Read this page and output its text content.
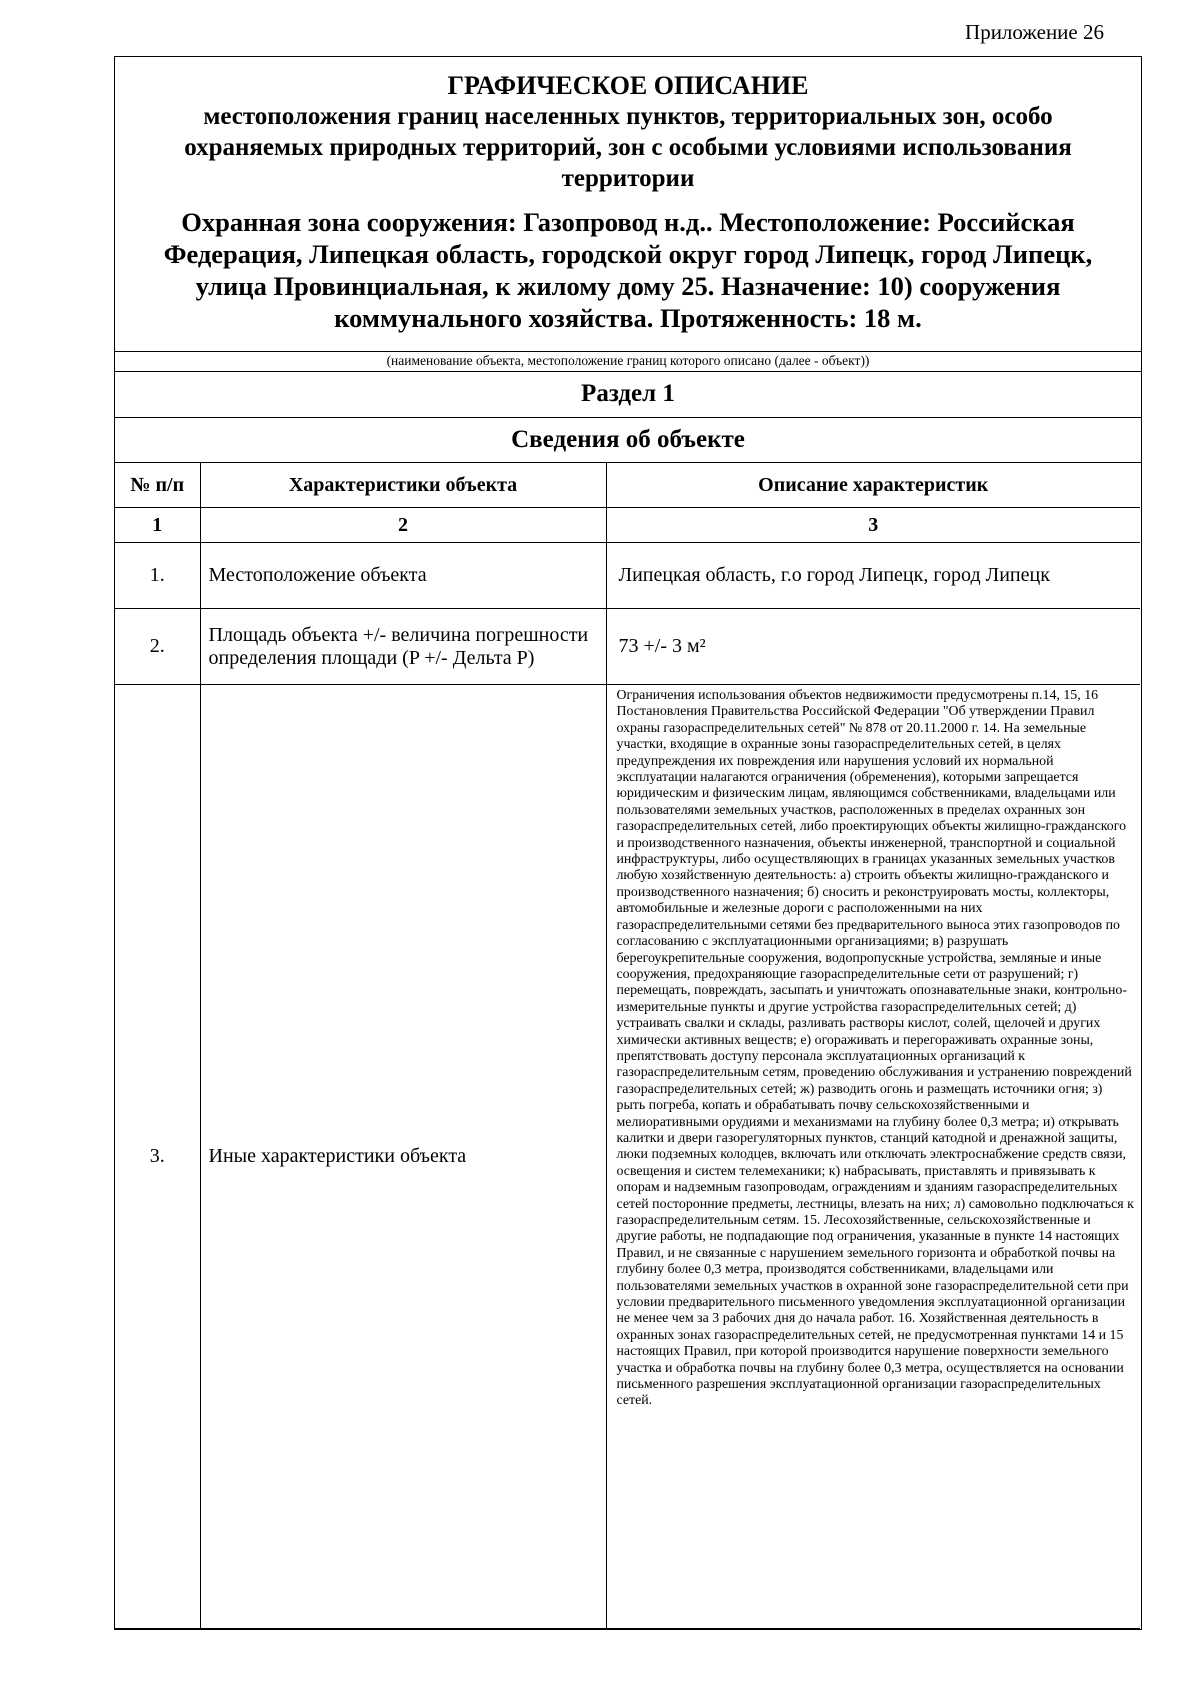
Приложение 26
ГРАФИЧЕСКОЕ ОПИСАНИЕ
местоположения границ населенных пунктов, территориальных зон, особо охраняемых природных территорий, зон с особыми условиями использования территории
Охранная зона сооружения: Газопровод н.д.. Местоположение: Российская Федерация, Липецкая область, городской округ город Липецк, город Липецк, улица Провинциальная, к жилому дому 25. Назначение: 10) сооружения коммунального хозяйства. Протяженность: 18 м.
(наименование объекта, местоположение границ которого описано (далее - объект))
Раздел 1
Сведения об объекте
№ п/п	Характеристики объекта	Описание характеристик
1	2	3
1.	Местоположение объекта	Липецкая область, г.о город Липецк, город Липецк
2.	Площадь объекта +/- величина погрешности определения площади (P +/- Дельта P)	73 +/- 3 м²
3.	Иные характеристики объекта	Ограничения использования объектов недвижимости предусмотрены п.14, 15, 16 Постановления Правительства Российской Федерации "Об утверждении Правил охраны газораспределительных сетей" № 878 от 20.11.2000 г. 14. На земельные участки, входящие в охранные зоны газораспределительных сетей, в целях предупреждения их повреждения или нарушения условий их нормальной эксплуатации налагаются ограничения (обременения), которыми запрещается юридическим и физическим лицам, являющимся собственниками, владельцами или пользователями земельных участков, расположенных в пределах охранных зон газораспределительных сетей, либо проектирующих объекты жилищно-гражданского и производственного назначения, объекты инженерной, транспортной и социальной инфраструктуры, либо осуществляющих в границах указанных земельных участков любую хозяйственную деятельность: а) строить объекты жилищно-гражданского и производственного назначения; б) сносить и реконструировать мосты, коллекторы, автомобильные и железные дороги с расположенными на них газораспределительными сетями без предварительного выноса этих газопроводов по согласованию с эксплуатационными организациями; в) разрушать берегоукрепительные сооружения, водопропускные устройства, земляные и иные сооружения, предохраняющие газораспределительные сети от разрушений; г) перемещать, повреждать, засыпать и уничтожать опознавательные знаки, контрольно-измерительные пункты и другие устройства газораспределительных сетей; д) устраивать свалки и склады, разливать растворы кислот, солей, щелочей и других химически активных веществ; е) огораживать и перегораживать охранные зоны, препятствовать доступу персонала эксплуатационных организаций к газораспределительным сетям, проведению обслуживания и устранению повреждений газораспределительных сетей; ж) разводить огонь и размещать источники огня; з) рыть погреба, копать и обрабатывать почву сельскохозяйственными и мелиоративными орудиями и механизмами на глубину более 0,3 метра; и) открывать калитки и двери газорегуляторных пунктов, станций катодной и дренажной защиты, люки подземных колодцев, включать или отключать электроснабжение средств связи, освещения и систем телемеханики; к) набрасывать, приставлять и привязывать к опорам и надземным газопроводам, ограждениям и зданиям газораспределительных сетей посторонние предметы, лестницы, влезать на них; л) самовольно подключаться к газораспределительным сетям. 15. Лесохозяйственные, сельскохозяйственные и другие работы, не подпадающие под ограничения, указанные в пункте 14 настоящих Правил, и не связанные с нарушением земельного горизонта и обработкой почвы на глубину более 0,3 метра, производятся собственниками, владельцами или пользователями земельных участков в охранной зоне газораспределительной сети при условии предварительного письменного уведомления эксплуатационной организации не менее чем за 3 рабочих дня до начала работ. 16. Хозяйственная деятельность в охранных зонах газораспределительных сетей, не предусмотренная пунктами 14 и 15 настоящих Правил, при которой производится нарушение поверхности земельного участка и обработка почвы на глубину более 0,3 метра, осуществляется на основании письменного разрешения эксплуатационной организации газораспределительных сетей.
